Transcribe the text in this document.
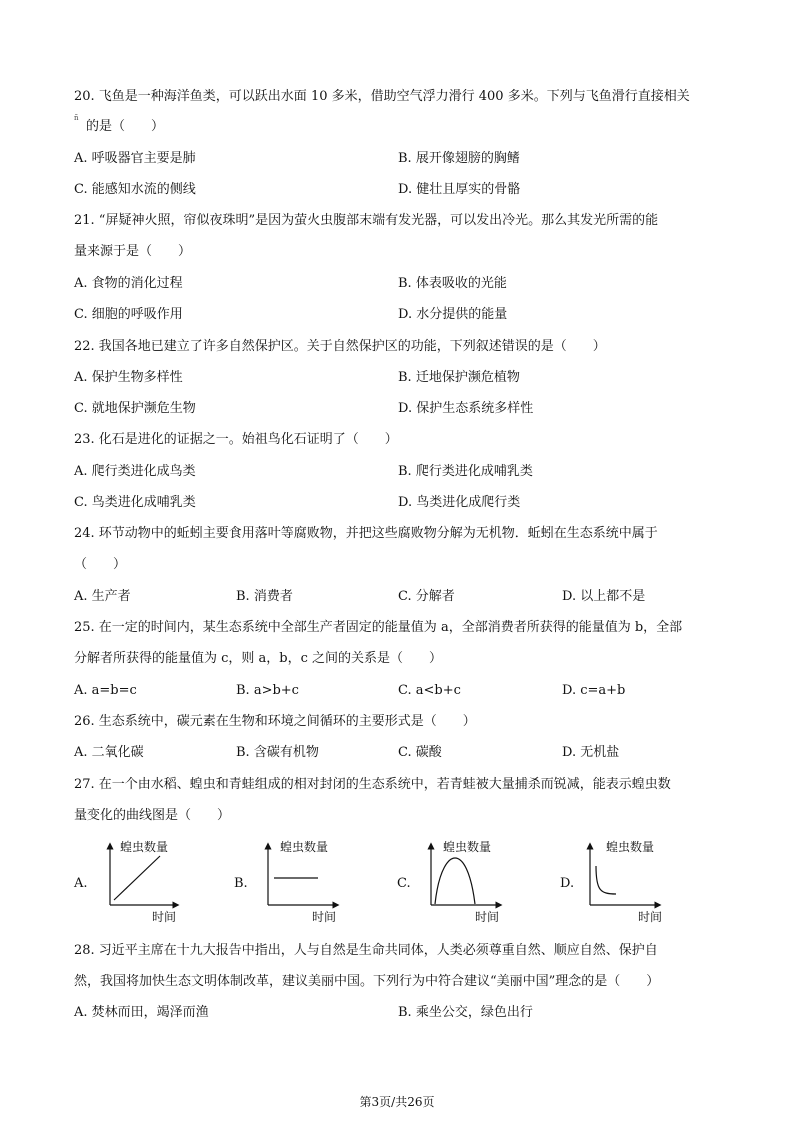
20. 飞鱼是一种海洋鱼类，可以跃出水面 10 多米，借助空气浮力滑行 400 多米。下列与飞鱼滑行直接相关
ñ
的是（　　）
A. 呼吸器官主要是肺	B. 展开像翅膀的胸鳍
C. 能感知水流的侧线	D. 健壮且厚实的骨骼
21. “屏疑神火照，帘似夜珠明”是因为萤火虫腹部末端有发光器，可以发出冷光。那么其发光所需的能
量来源于是（　　）
A. 食物的消化过程	B. 体表吸收的光能
C. 细胞的呼吸作用	D. 水分提供的能量
22. 我国各地已建立了许多自然保护区。关于自然保护区的功能，下列叙述错误的是（　　）
A. 保护生物多样性	B. 迁地保护濒危植物
C. 就地保护濒危生物	D. 保护生态系统多样性
23. 化石是进化的证据之一。始祖鸟化石证明了（　　）
A. 爬行类进化成鸟类	B. 爬行类进化成哺乳类
C. 鸟类进化成哺乳类	D. 鸟类进化成爬行类
24. 环节动物中的蚯蚓主要食用落叶等腐败物，并把这些腐败物分解为无机物．蚯蚓在生态系统中属于
（　　）
A. 生产者	B. 消费者	C. 分解者	D. 以上都不是
25. 在一定的时间内，某生态系统中全部生产者固定的能量值为 a，全部消费者所获得的能量值为 b，全部
分解者所获得的能量值为 c，则 a，b，c 之间的关系是（　　）
A. a=b=c	B. a>b+c	C. a<b+c	D. c=a+b
26. 生态系统中，碳元素在生物和环境之间循环的主要形式是（　　）
A. 二氧化碳	B. 含碳有机物	C. 碳酸	D. 无机盐
27. 在一个由水稻、蝗虫和青蛙组成的相对封闭的生态系统中，若青蛙被大量捕杀而锐减，能表示蝗虫数
量变化的曲线图是（　　）
A.
蝗虫数量
时间
B.
蝗虫数量
时间
C.
蝗虫数量
时间
D.
蝗虫数量
时间
28. 习近平主席在十九大报告中指出，人与自然是生命共同体，人类必须尊重自然、顺应自然、保护自
然，我国将加快生态文明体制改革，建议美丽中国。下列行为中符合建议“美丽中国”理念的是（　　）
A. 焚林而田，竭泽而渔	B. 乘坐公交，绿色出行
第3页/共26页
